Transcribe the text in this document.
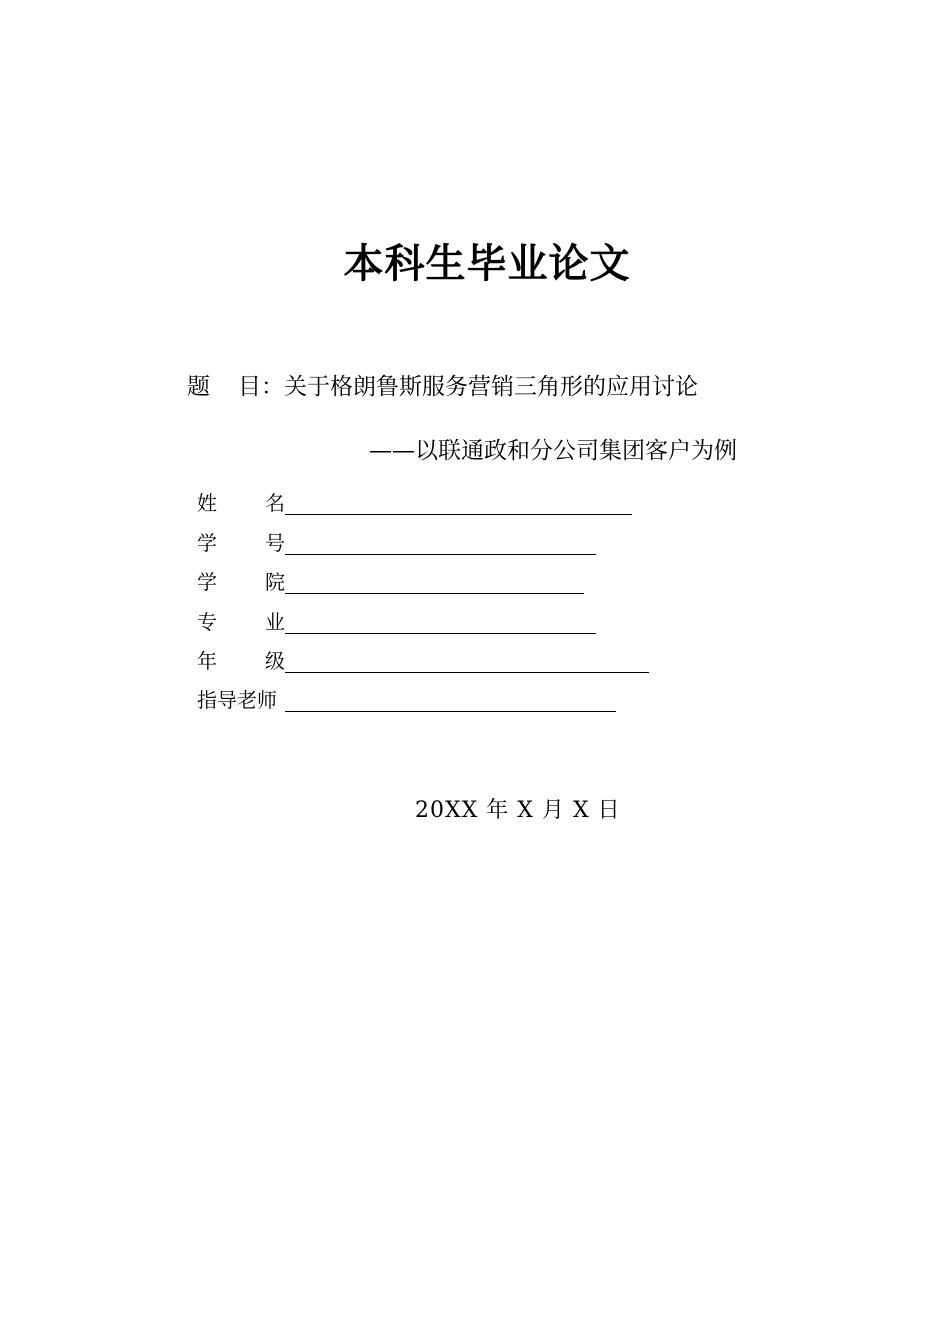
本科生毕业论文
题 目：关于格朗鲁斯服务营销三角形的应用讨论
——以联通政和分公司集团客户为例
姓 名
学 号
学 院
专 业
年 级
指导老师
20XX 年 X 月 X 日
